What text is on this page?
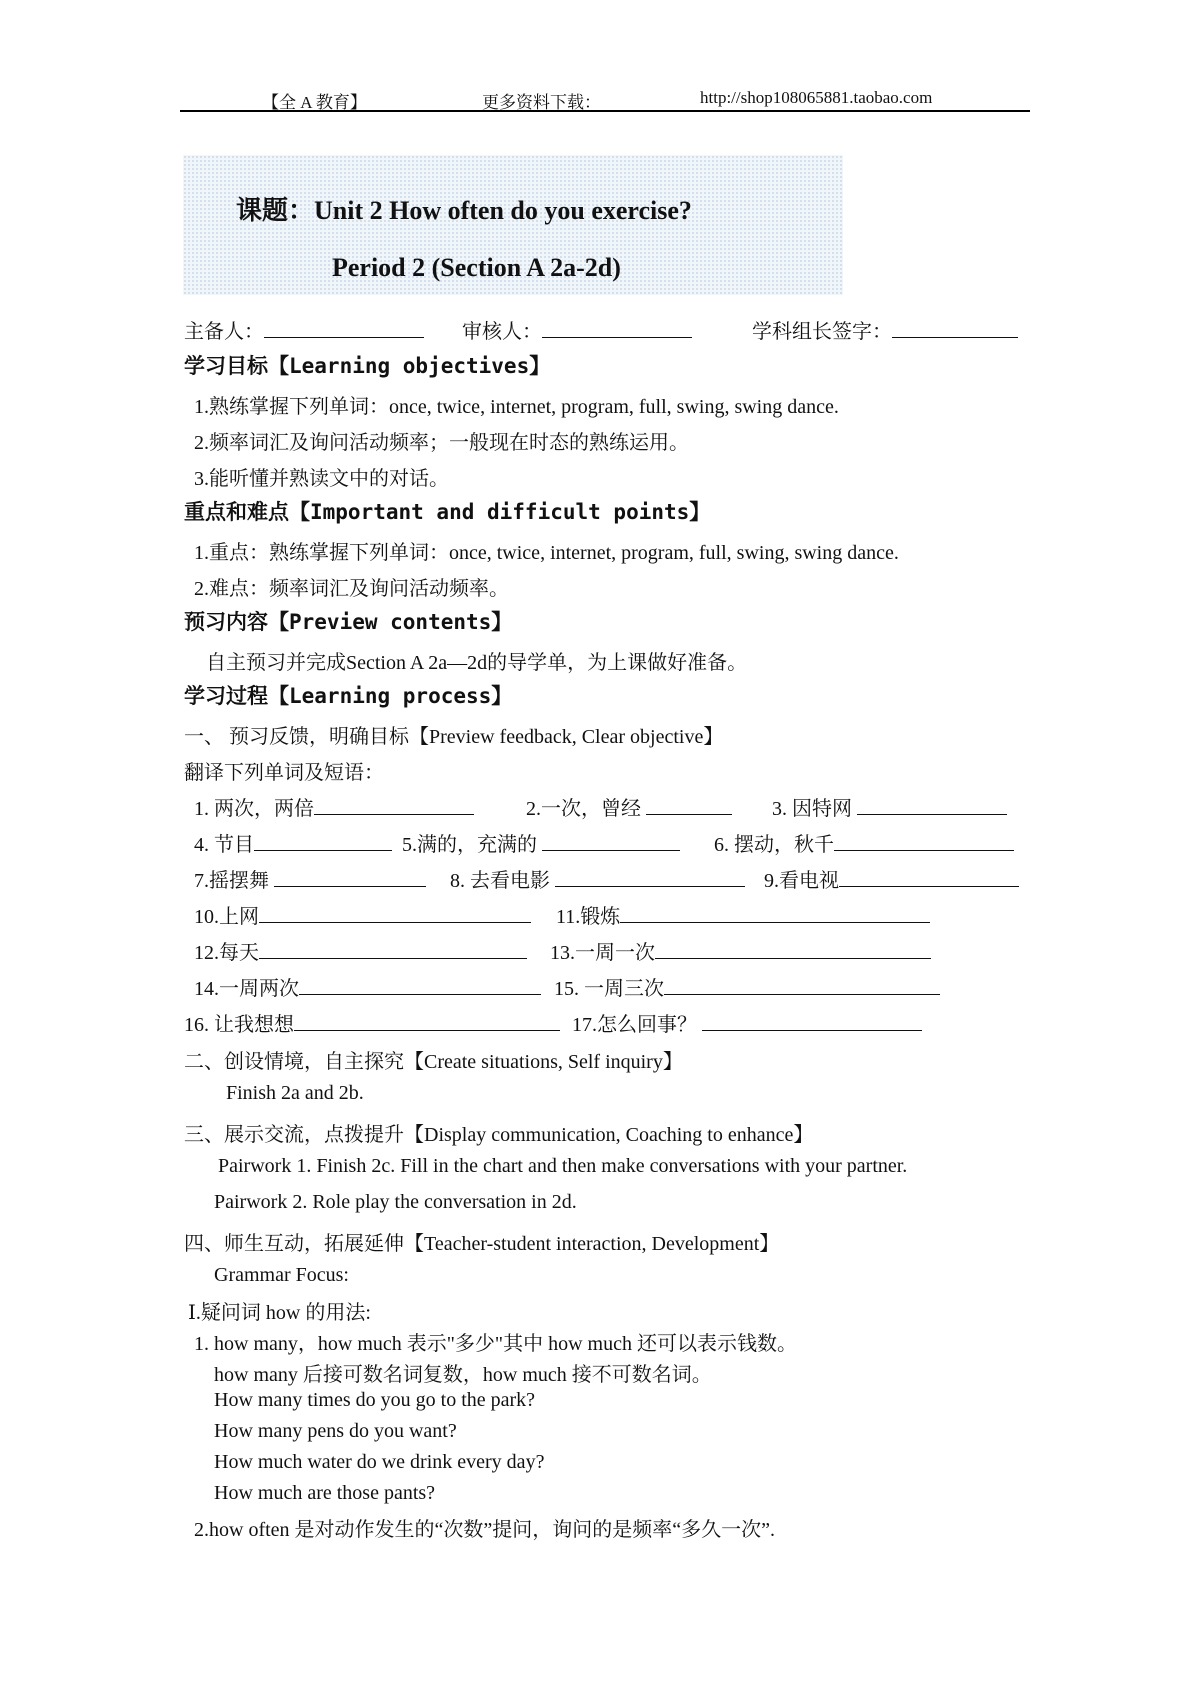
【全 A 教育】	更多资料下载：	http://shop108065881.taobao.com
课题：Unit 2 How often do you exercise?
Period 2 (Section A 2a-2d)
主备人：	审核人：	学科组长签字：
学习目标【Learning objectives】
1.熟练掌握下列单词：once, twice, internet, program, full, swing, swing dance.
2.频率词汇及询问活动频率；一般现在时态的熟练运用。
3.能听懂并熟读文中的对话。
重点和难点【Important and difficult points】
1.重点：熟练掌握下列单词：once, twice, internet, program, full, swing, swing dance.
2.难点：频率词汇及询问活动频率。
预习内容【Preview contents】
自主预习并完成Section A 2a—2d的导学单，为上课做好准备。
学习过程【Learning process】
一、 预习反馈，明确目标【Preview feedback, Clear objective】
翻译下列单词及短语：
1. 两次，两倍	2.一次，曾经	3. 因特网
4. 节目	5.满的，充满的	6. 摆动，秋千
7.摇摆舞	8. 去看电影	9.看电视
10.上网	11.锻炼
12.每天	13.一周一次
14.一周两次	15. 一周三次
16. 让我想想	17.怎么回事？
二、创设情境，自主探究【Create situations, Self inquiry】
Finish 2a and 2b.
三、展示交流，点拨提升【Display communication, Coaching to enhance】
Pairwork 1. Finish 2c. Fill in the chart and then make conversations with your partner.
Pairwork 2. Role play the conversation in 2d.
四、师生互动，拓展延伸【Teacher-student interaction, Development】
Grammar Focus:
Ⅰ.疑问词 how 的用法:
1. how many，how much 表示"多少"其中 how much 还可以表示钱数。
how many 后接可数名词复数，how much 接不可数名词。
How many times do you go to the park?
How many pens do you want?
How much water do we drink every day?
How much are those pants?
2.how often 是对动作发生的“次数”提问，询问的是频率“多久一次”.
